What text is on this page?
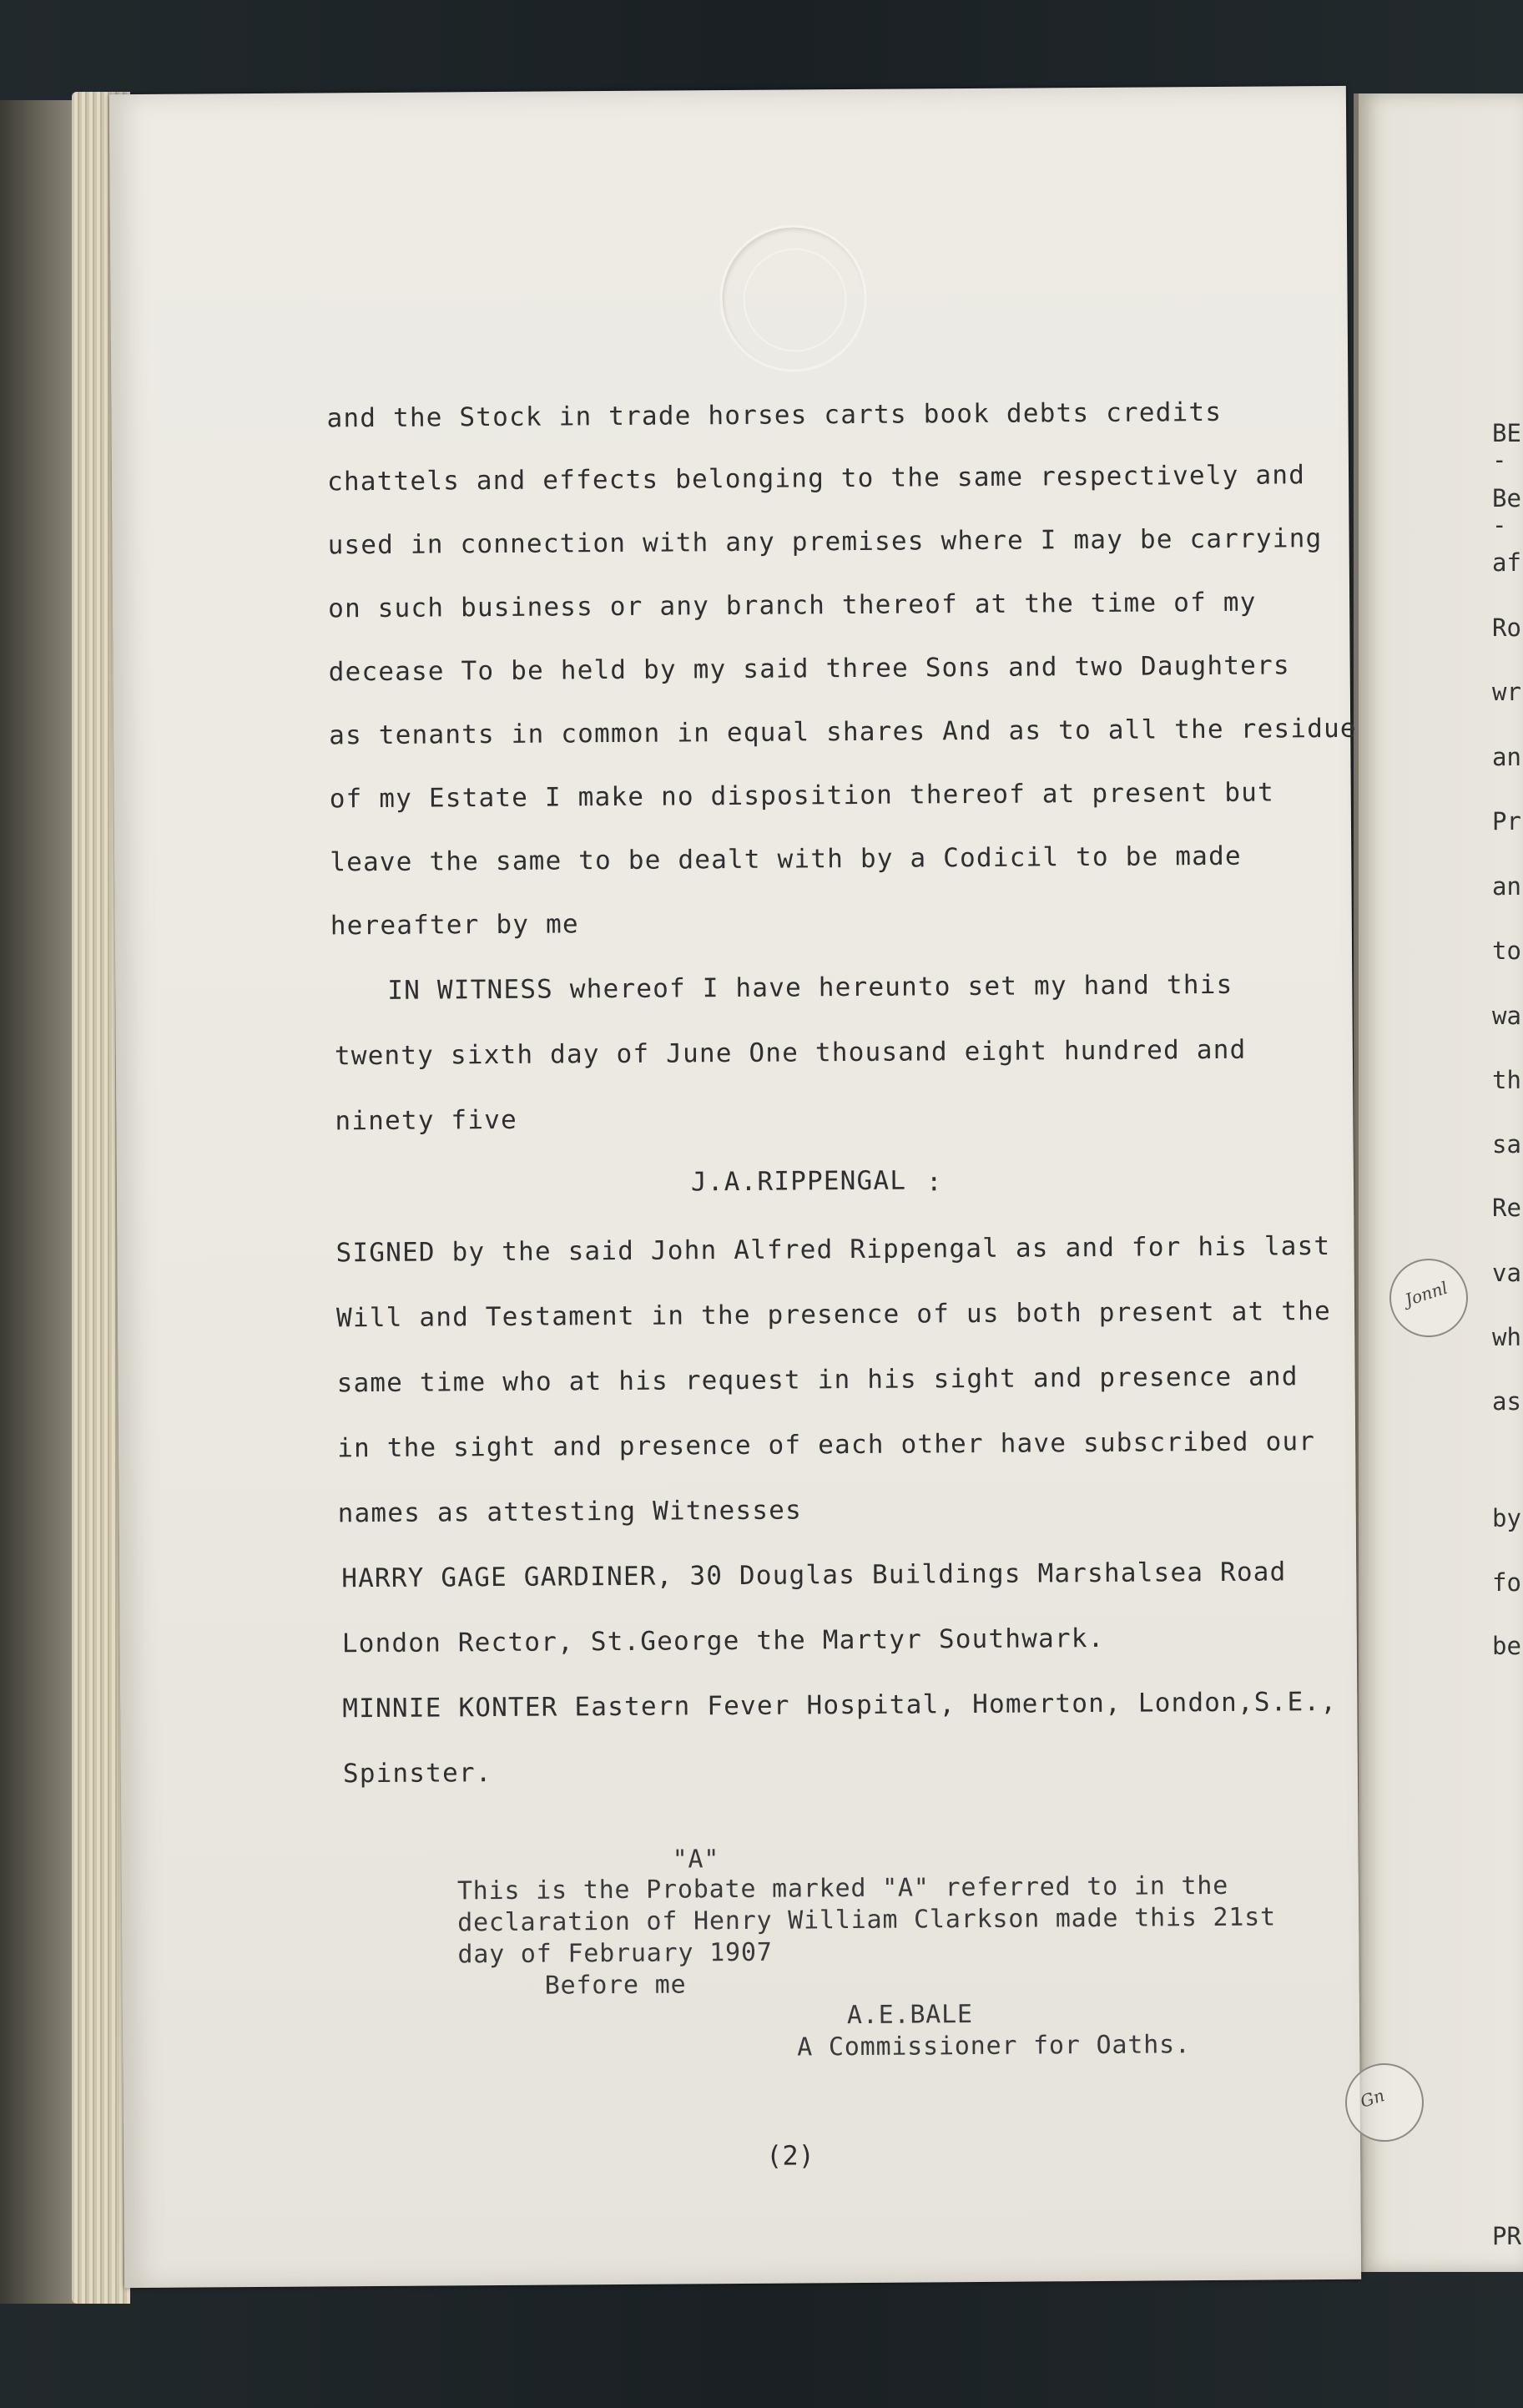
BE
-
Be
-
af
Ro
wr
an
Pr
an
to
wa
th
sa
Re
va
wh
as
by
fo
be
PR
and the Stock in trade horses carts book debts credits
chattels and effects belonging to the same respectively and
used in connection with any premises where I may be carrying
on such business or any branch thereof at the time of my
decease To be held by my said three Sons and two Daughters
as tenants in common in equal shares And as to all the residue
of my Estate I make no disposition thereof at present but
leave the same to be dealt with by a Codicil to be made
hereafter by me
IN WITNESS whereof I have hereunto set my hand this
twenty sixth day of June One thousand eight hundred and
ninety five
J.A.RIPPENGAL :
SIGNED by the said John Alfred Rippengal as and for his last
Will and Testament in the presence of us both present at the
same time who at his request in his sight and presence and
in the sight and presence of each other have subscribed our
names as attesting Witnesses
HARRY GAGE GARDINER, 30 Douglas Buildings Marshalsea Road
London Rector, St.George the Martyr Southwark.
MINNIE KONTER Eastern Fever Hospital, Homerton, London,S.E.,
Spinster.
"A"
This is the Probate marked "A" referred to in the
declaration of Henry William Clarkson made this 21st
day of February 1907
Before me
A.E.BALE
A Commissioner for Oaths.
(2)
Jonnl
Gn
